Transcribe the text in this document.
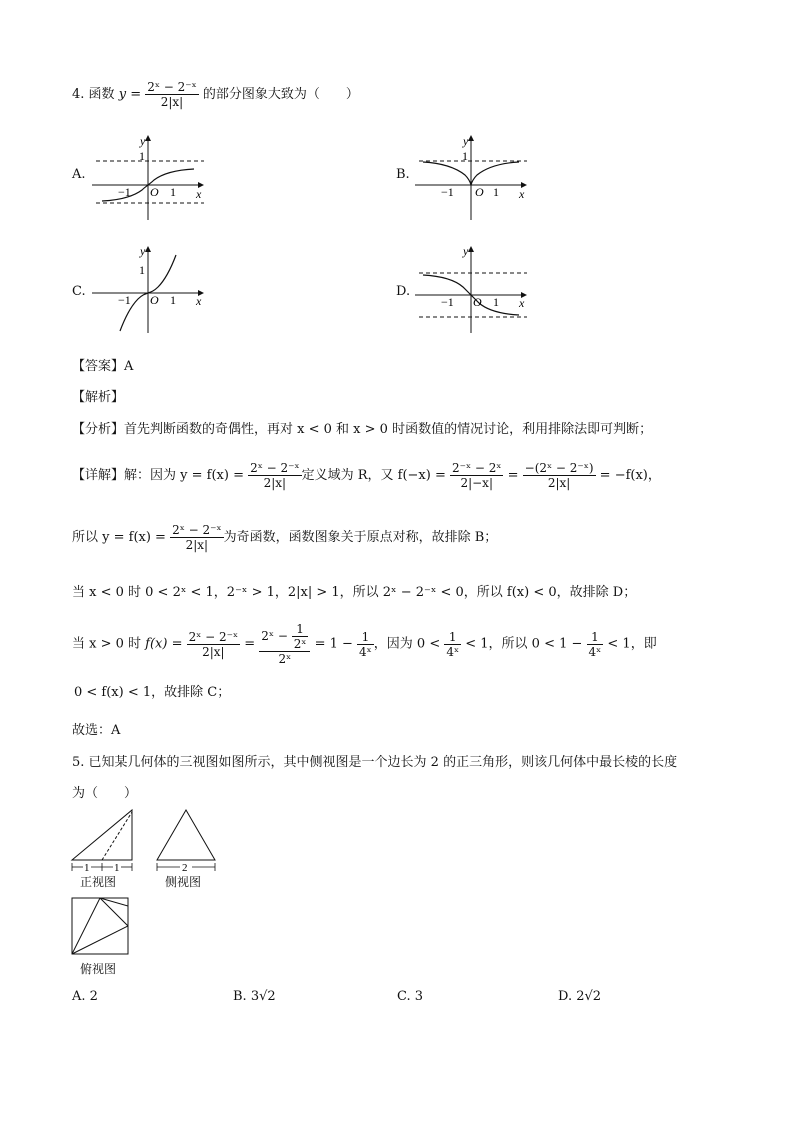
4. 函数 $y = \frac{\text{2ˣ − 2⁻ˣ}}{2|x|}$ 的部分图象大致为（　　）
A.	B.
C.	D.
y
x
O
1
1
−1
y
x
O
1
1
−1
y
x
O
1
1
−1
y
x
O 1
−1
【答案】A
【解析】
【分析】首先判断函数的奇偶性，再对 x < 0 和 x > 0 时函数值的情况讨论，利用排除法即可判断；
【详解】解：因为 $y = f(x) = \frac{\text{2ˣ − 2⁻ˣ}}{2|x|}$ 定义域为 R，又 $f(-x) = \frac{\text{2⁻ˣ − 2ˣ}}{2|-x|} = \frac{\text{−(2ˣ − 2⁻ˣ)}}{2|x|} = -f(x)$，
所以 $y = f(x) = \frac{\text{2ˣ − 2⁻ˣ}}{2|x|}$ 为奇函数，函数图象关于原点对称，故排除 B；
当 x < 0 时 0 < 2ˣ < 1，2⁻ˣ > 1，2|x| > 1，所以 2ˣ − 2⁻ˣ < 0，所以 f(x) < 0，故排除 D；
当 x > 0 时 $f(x) = \frac{\text{2ˣ − 2⁻ˣ}}{2|x|} = \frac{2ˣ - \frac{1}{\text{2ˣ}}}{\text{2ˣ}} = 1 - \frac{1}{\text{4ˣ}}$ ，因为 $0 < \frac{1}{\text{4ˣ}} < 1$，所以 $0 < 1 - \frac{1}{\text{4ˣ}} < 1$，即
0 < f(x) < 1，故排除 C；
故选：A
5. 已知某几何体的三视图如图所示，其中侧视图是一个边长为 2 的正三角形，则该几何体中最长棱的长度
为（　　）
1 1
正视图
2
侧视图
俯视图
A. 2	B. 3√2	C. 3	D. 2√2
